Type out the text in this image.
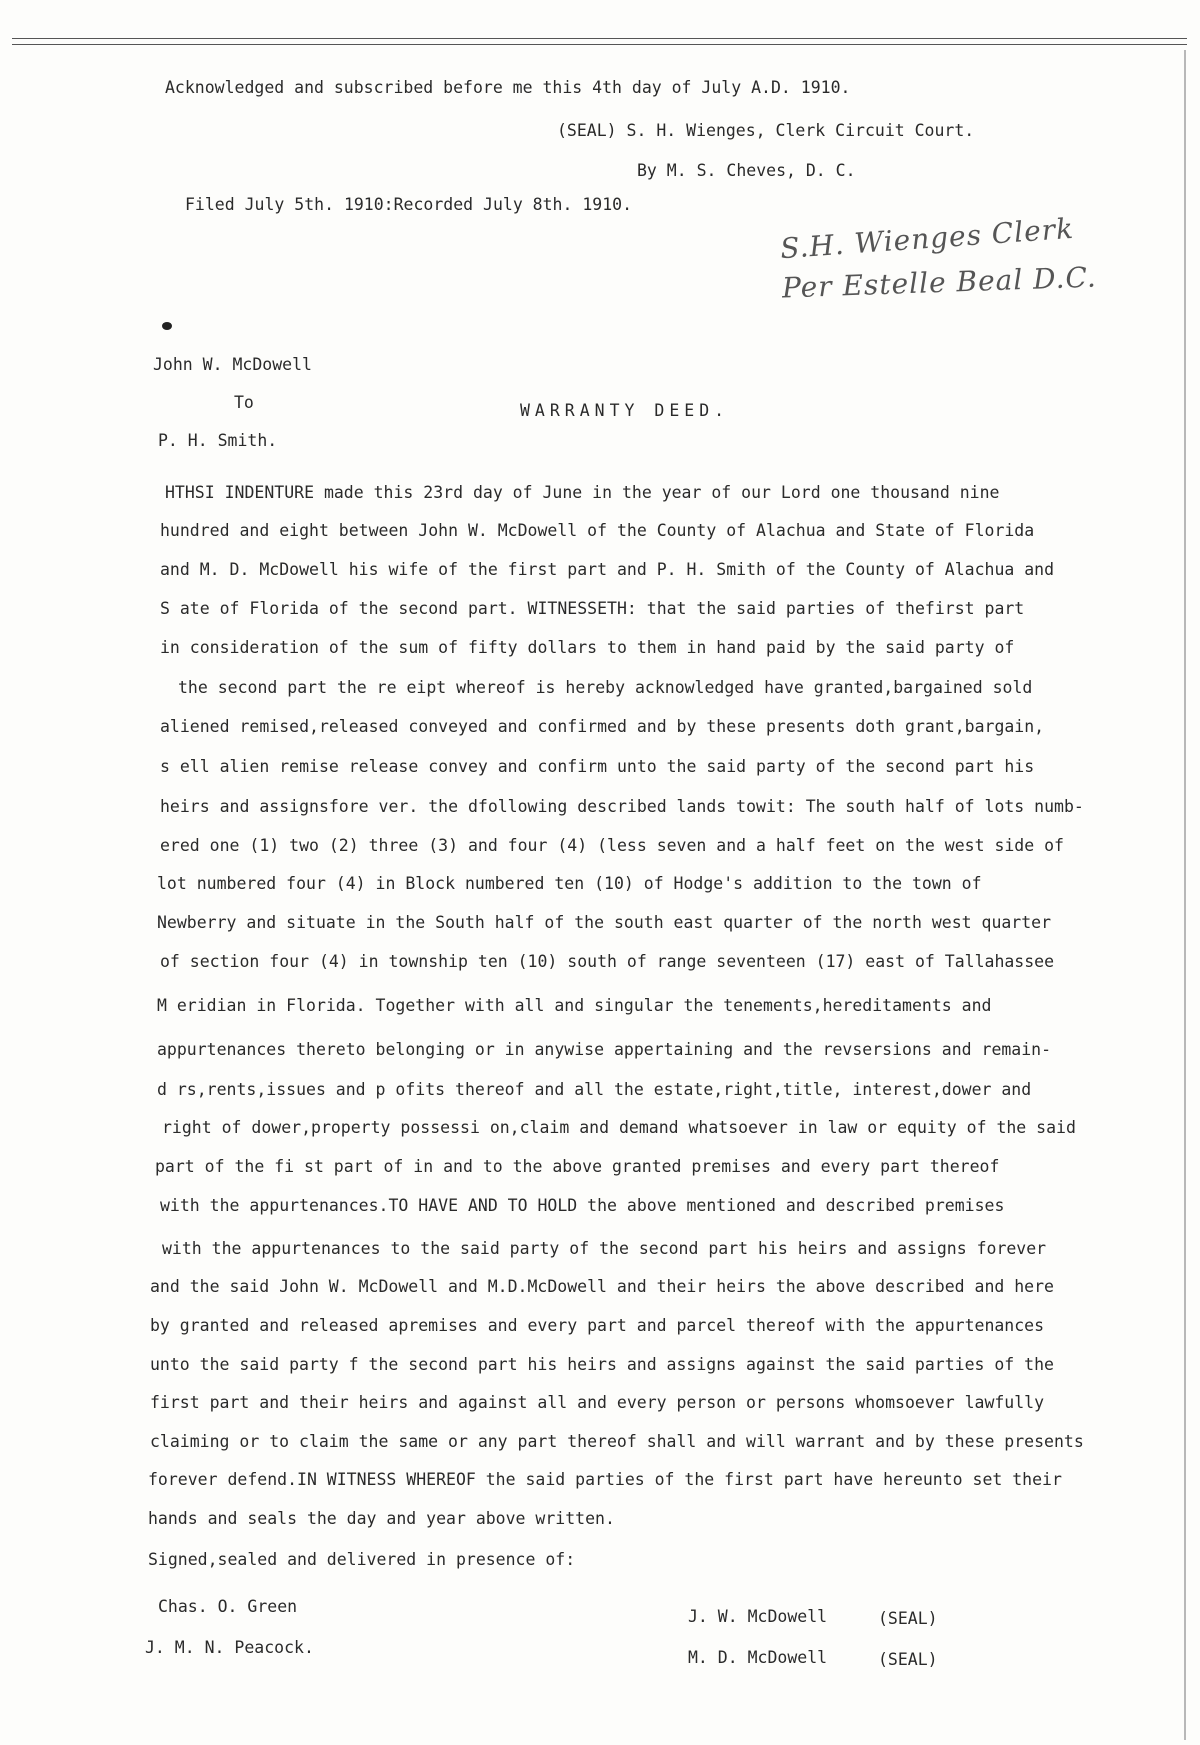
Acknowledged and subscribed before me this 4th day of July A.D. 1910.
(SEAL) S. H. Wienges, Clerk Circuit Court.
By M. S. Cheves, D. C.
Filed July 5th. 1910:Recorded July 8th. 1910.
S.H. Wienges Clerk
Per Estelle Beal D.C.
John W. McDowell
To	WARRANTY DEED.
P. H. Smith.
HTHSI INDENTURE made this 23rd day of June in the year of our Lord one thousand nine
hundred and eight between John W. McDowell of the County of Alachua and State of Florida
and M. D. McDowell his wife of the first part and P. H. Smith of the County of Alachua and
S ate of Florida of the second part. WITNESSETH: that the said parties of thefirst part
in consideration of the sum of fifty dollars to them in hand paid by the said party of
the second part the re eipt whereof is hereby acknowledged have granted,bargained sold
aliened remised,released conveyed and confirmed and by these presents doth grant,bargain,
s ell alien remise release convey and confirm unto the said party of the second part his
heirs and assignsfore ver. the dfollowing described lands towit: The south half of lots numb-
ered one (1) two (2) three (3) and four (4) (less seven and a half feet on the west side of
lot numbered four (4) in Block numbered ten (10) of Hodge's addition to the town of
Newberry and situate in the South half of the south east quarter of the north west quarter
of section four (4) in township ten (10) south of range seventeen (17) east of Tallahassee
M eridian in Florida. Together with all and singular the tenements,hereditaments and
appurtenances thereto belonging or in anywise appertaining and the revsersions and remain-
d rs,rents,issues and p ofits thereof and all the estate,right,title, interest,dower and
right of dower,property possessi on,claim and demand whatsoever in law or equity of the said
part of the fi st part of in and to the above granted premises and every part thereof
with the appurtenances.TO HAVE AND TO HOLD the above mentioned and described premises
with the appurtenances to the said party of the second part his heirs and assigns forever
and the said John W. McDowell and M.D.McDowell and their heirs the above described and here
by granted and released apremises and every part and parcel thereof with the appurtenances
unto the said party f the second part his heirs and assigns against the said parties of the
first part and their heirs and against all and every person or persons whomsoever lawfully
claiming or to claim the same or any part thereof shall and will warrant and by these presents
forever defend.IN WITNESS WHEREOF the said parties of the first part have hereunto set their
hands and seals the day and year above written.
Signed,sealed and delivered in presence of:
Chas. O. Green
J. M. N. Peacock.
J. W. McDowell	(SEAL)
M. D. McDowell	(SEAL)
